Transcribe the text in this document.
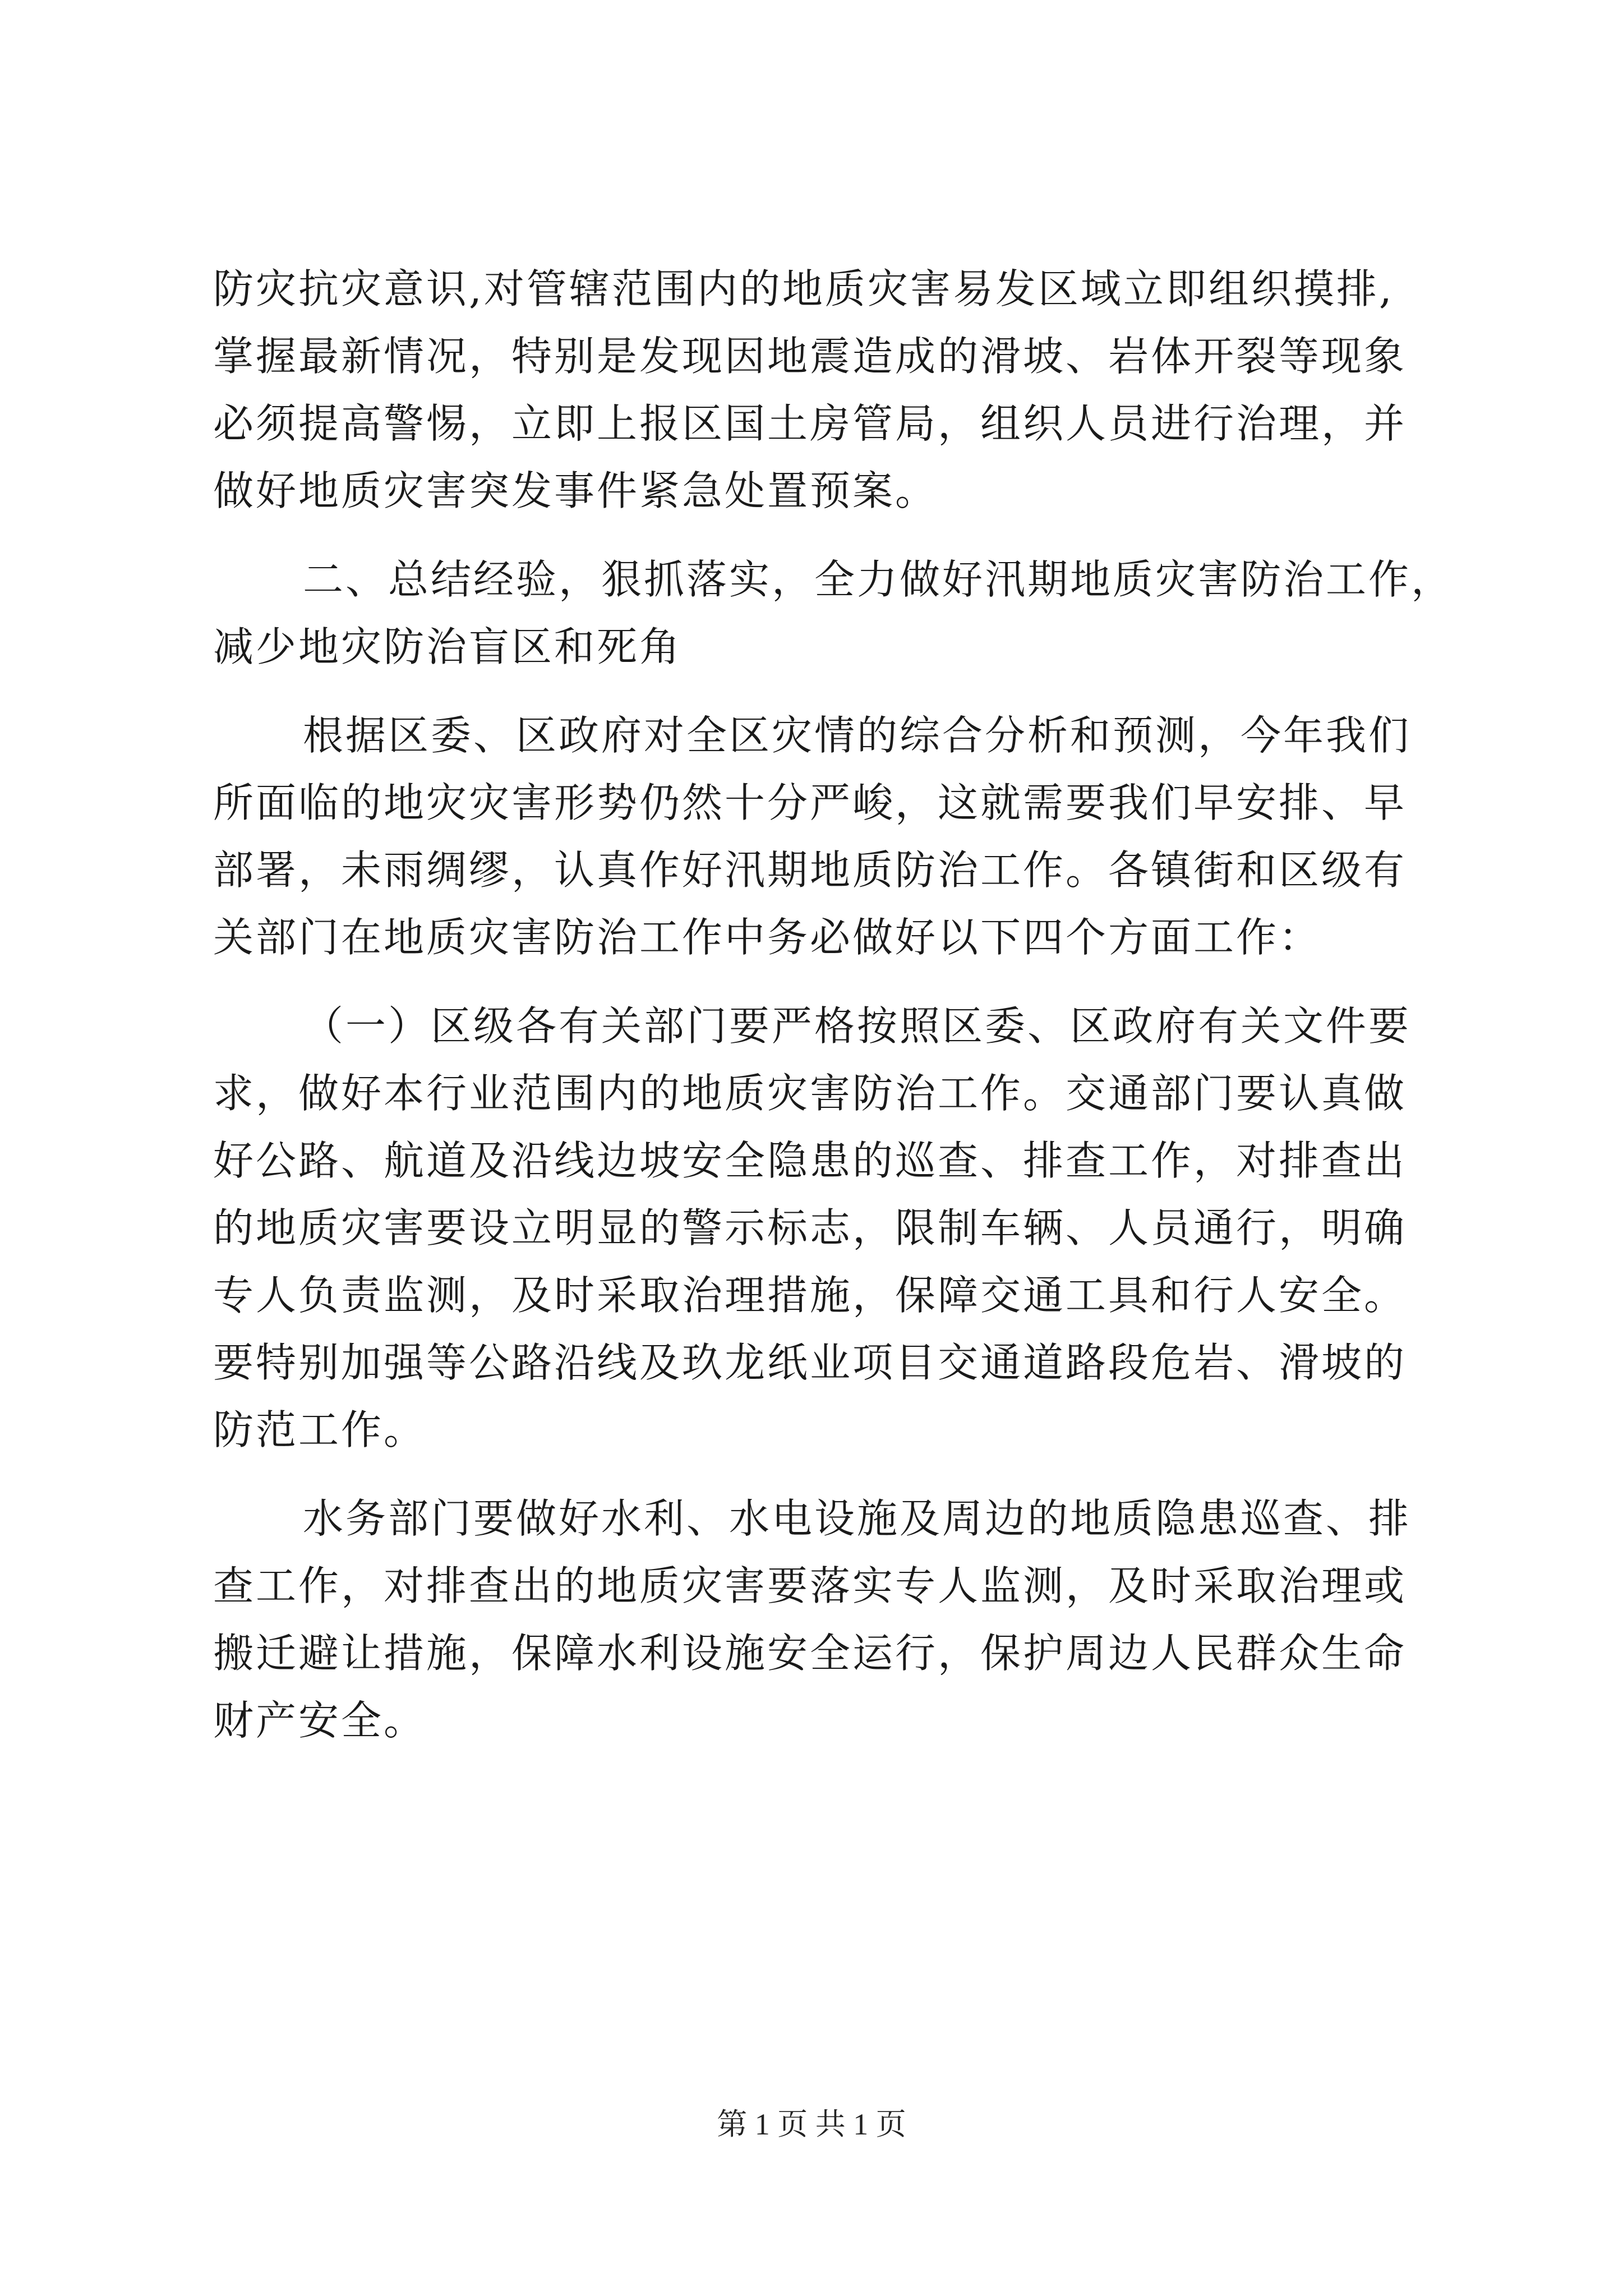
防灾抗灾意识,对管辖范围内的地质灾害易发区域立即组织摸排,
掌握最新情况，特别是发现因地震造成的滑坡、岩体开裂等现象
必须提高警惕，立即上报区国土房管局，组织人员进行治理，并
做好地质灾害突发事件紧急处置预案。
二、总结经验，狠抓落实，全力做好汛期地质灾害防治工作，
减少地灾防治盲区和死角
根据区委、区政府对全区灾情的综合分析和预测，今年我们
所面临的地灾灾害形势仍然十分严峻，这就需要我们早安排、早
部署，未雨绸缪，认真作好汛期地质防治工作。各镇街和区级有
关部门在地质灾害防治工作中务必做好以下四个方面工作：
（一）区级各有关部门要严格按照区委、区政府有关文件要
求，做好本行业范围内的地质灾害防治工作。交通部门要认真做
好公路、航道及沿线边坡安全隐患的巡查、排查工作，对排查出
的地质灾害要设立明显的警示标志，限制车辆、人员通行，明确
专人负责监测，及时采取治理措施，保障交通工具和行人安全。
要特别加强等公路沿线及玖龙纸业项目交通道路段危岩、滑坡的
防范工作。
水务部门要做好水利、水电设施及周边的地质隐患巡查、排
查工作，对排查出的地质灾害要落实专人监测，及时采取治理或
搬迁避让措施，保障水利设施安全运行，保护周边人民群众生命
财产安全。
第 1 页 共 1 页
